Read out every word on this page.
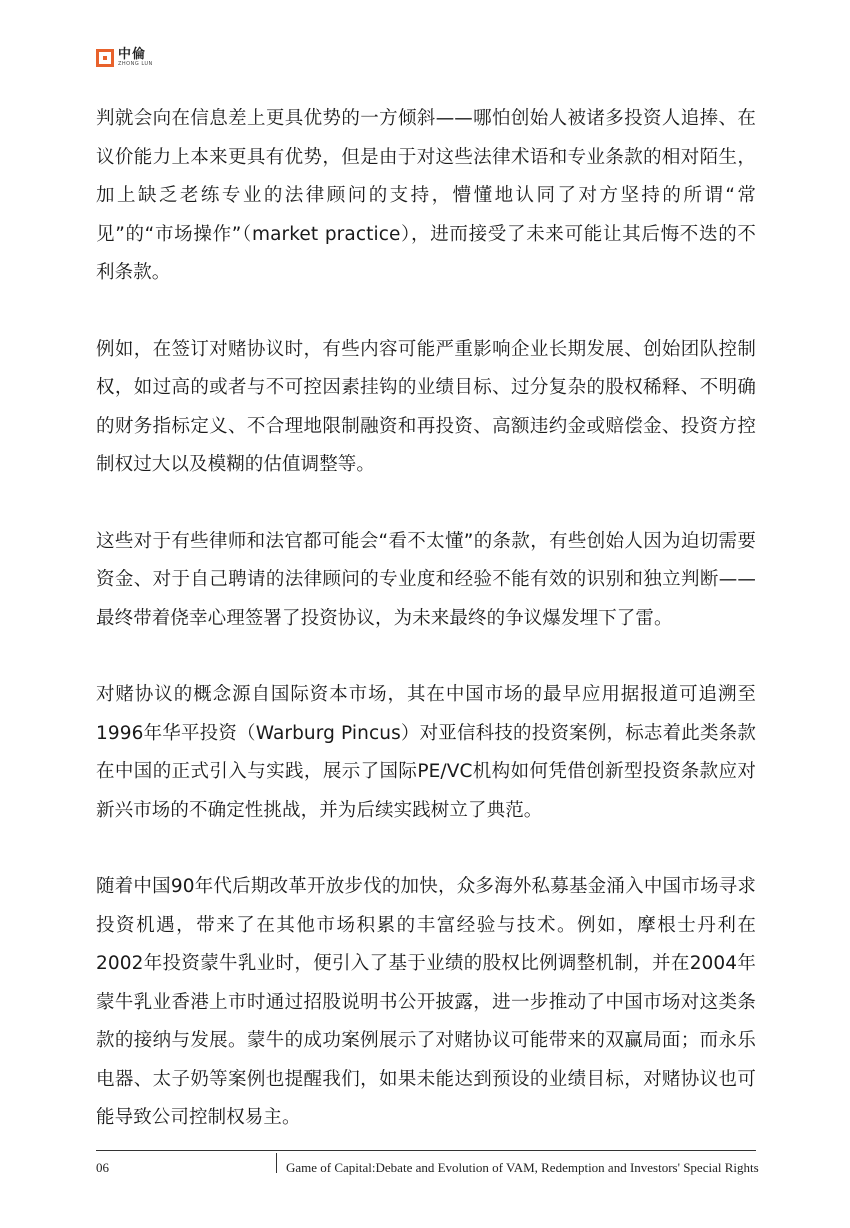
中倫
ZHONG LUN

判就会向在信息差上更具优势的一方倾斜——哪怕创始人被诸多投资人追捧、在议价能力上本来更具有优势，但是由于对这些法律术语和专业条款的相对陌生，加上缺乏老练专业的法律顾问的支持，懵懂地认同了对方坚持的所谓“常见”的“市场操作”（market practice），进而接受了未来可能让其后悔不迭的不利条款。

例如，在签订对赌协议时，有些内容可能严重影响企业长期发展、创始团队控制权，如过高的或者与不可控因素挂钩的业绩目标、过分复杂的股权稀释、不明确的财务指标定义、不合理地限制融资和再投资、高额违约金或赔偿金、投资方控制权过大以及模糊的估值调整等。

这些对于有些律师和法官都可能会“看不太懂”的条款，有些创始人因为迫切需要资金、对于自己聘请的法律顾问的专业度和经验不能有效的识别和独立判断——最终带着侥幸心理签署了投资协议，为未来最终的争议爆发埋下了雷。

对赌协议的概念源自国际资本市场，其在中国市场的最早应用据报道可追溯至1996年华平投资（Warburg Pincus）对亚信科技的投资案例，标志着此类条款在中国的正式引入与实践，展示了国际PE/VC机构如何凭借创新型投资条款应对新兴市场的不确定性挑战，并为后续实践树立了典范。

随着中国90年代后期改革开放步伐的加快，众多海外私募基金涌入中国市场寻求投资机遇，带来了在其他市场积累的丰富经验与技术。例如，摩根士丹利在2002年投资蒙牛乳业时，便引入了基于业绩的股权比例调整机制，并在2004年蒙牛乳业香港上市时通过招股说明书公开披露，进一步推动了中国市场对这类条款的接纳与发展。蒙牛的成功案例展示了对赌协议可能带来的双赢局面；而永乐电器、太子奶等案例也提醒我们，如果未能达到预设的业绩目标，对赌协议也可能导致公司控制权易主。

06	Game of Capital:Debate and Evolution of VAM, Redemption and Investors' Special Rights
